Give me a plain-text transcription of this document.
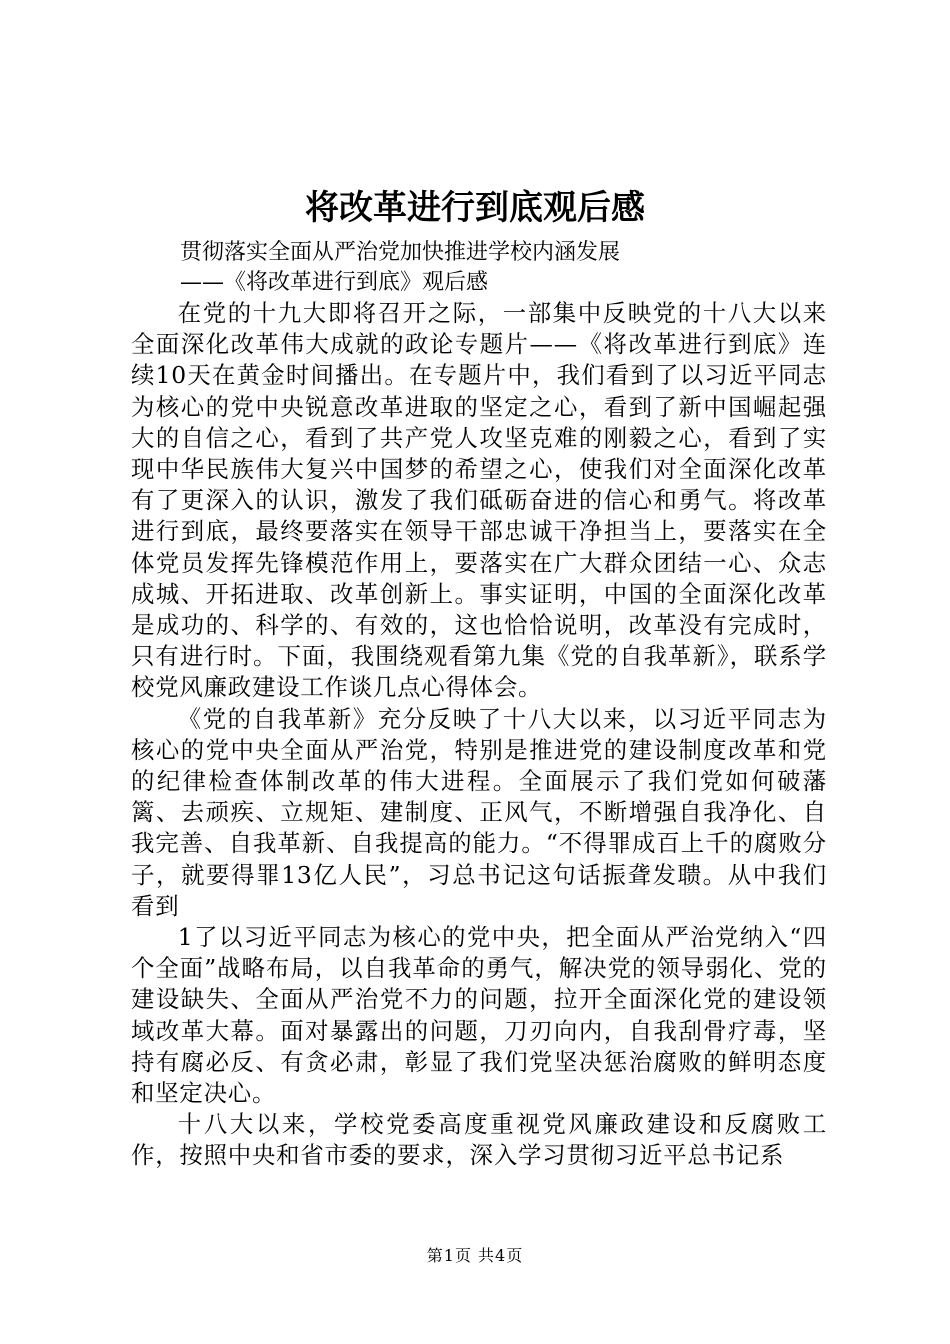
将改革进行到底观后感
贯彻落实全面从严治党加快推进学校内涵发展
——《将改革进行到底》观后感

在党的十九大即将召开之际，一部集中反映党的十八大以来全面深化改革伟大成就的政论专题片——《将改革进行到底》连续10天在黄金时间播出。在专题片中，我们看到了以习近平同志为核心的党中央锐意改革进取的坚定之心，看到了新中国崛起强大的自信之心，看到了共产党人攻坚克难的刚毅之心，看到了实现中华民族伟大复兴中国梦的希望之心，使我们对全面深化改革有了更深入的认识，激发了我们砥砺奋进的信心和勇气。将改革进行到底，最终要落实在领导干部忠诚干净担当上，要落实在全体党员发挥先锋模范作用上，要落实在广大群众团结一心、众志成城、开拓进取、改革创新上。事实证明，中国的全面深化改革是成功的、科学的、有效的，这也恰恰说明，改革没有完成时，只有进行时。下面，我围绕观看第九集《党的自我革新》，联系学校党风廉政建设工作谈几点心得体会。

《党的自我革新》充分反映了十八大以来，以习近平同志为核心的党中央全面从严治党，特别是推进党的建设制度改革和党的纪律检查体制改革的伟大进程。全面展示了我们党如何破藩篱、去顽疾、立规矩、建制度、正风气，不断增强自我净化、自我完善、自我革新、自我提高的能力。“不得罪成百上千的腐败分子，就要得罪13亿人民”，习总书记这句话振聋发聩。从中我们看到

1了以习近平同志为核心的党中央，把全面从严治党纳入“四个全面”战略布局，以自我革命的勇气，解决党的领导弱化、党的建设缺失、全面从严治党不力的问题，拉开全面深化党的建设领域改革大幕。面对暴露出的问题，刀刃向内，自我刮骨疗毒，坚持有腐必反、有贪必肃，彰显了我们党坚决惩治腐败的鲜明态度和坚定决心。

十八大以来，学校党委高度重视党风廉政建设和反腐败工作，按照中央和省市委的要求，深入学习贯彻习近平总书记系

第1页 共4页
